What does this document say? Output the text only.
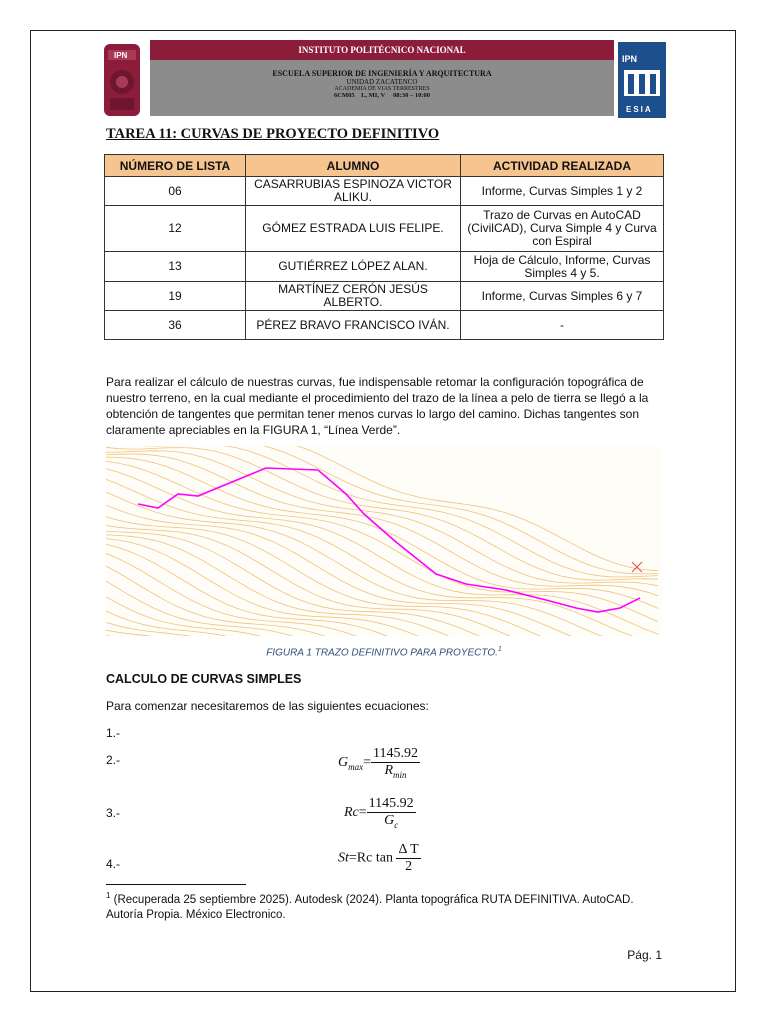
IPN
INSTITUTO POLITÉCNICO NACIONAL
ESCUELA SUPERIOR DE INGENIERÍA Y ARQUITECTURA
UNIDAD ZACATENCO
ACADEMIA DE VIAS TERRESTRES
6CM05    L, MI, V     08:30 – 10:00
IPN
ESIA
TAREA 11: CURVAS DE PROYECTO DEFINITIVO
NÚMERO DE LISTA	ALUMNO	ACTIVIDAD REALIZADA
06	CASARRUBIAS ESPINOZA VICTOR ALIKU.	Informe, Curvas Simples 1 y 2
12	GÓMEZ ESTRADA LUIS FELIPE.	Trazo de Curvas en AutoCAD (CivilCAD), Curva Simple 4 y Curva con Espiral
13	GUTIÉRREZ LÓPEZ ALAN.	Hoja de Cálculo, Informe, Curvas Simples 4 y 5.
19	MARTÍNEZ CERÓN JESÚS ALBERTO.	Informe, Curvas Simples 6 y 7
36	PÉREZ BRAVO FRANCISCO IVÁN.	-
Para realizar el cálculo de nuestras curvas, fue indispensable retomar la configuración topográfica de nuestro terreno, en la cual mediante el procedimiento del trazo de la línea a pelo de tierra se llegó a la obtención de tangentes que permitan tener menos curvas lo largo del camino. Dichas tangentes son claramente apreciables en la FIGURA 1, “Línea Verde”.
FIGURA 1 TRAZO DEFINITIVO PARA PROYECTO.$^1$
CALCULO DE CURVAS SIMPLES
Para comenzar necesitaremos de las siguientes ecuaciones:
1.-
2.-
3.-
4.-
$G_{max}= \frac{1145.92}{R_{min}}$
$Rc= \frac{1145.92}{G_c}$
St=Rc $\tan \frac{\text{Δ T}}{2}$
$^1$ (Recuperada 25 septiembre 2025). Autodesk (2024). Planta topográfica RUTA DEFINITIVA. AutoCAD. Autoría Propia. México Electronico.
Pág. 1
